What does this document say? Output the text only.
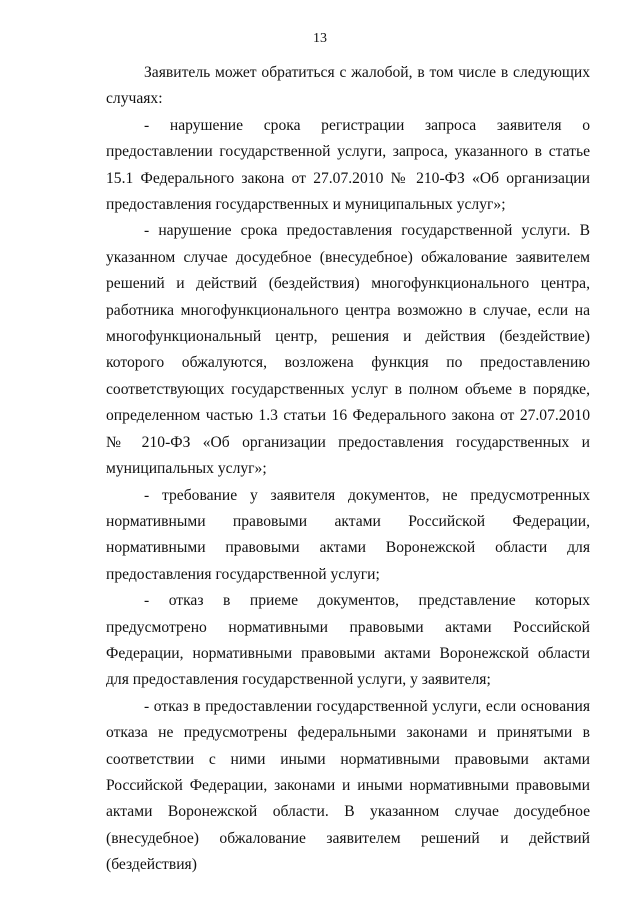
13

Заявитель может обратиться с жалобой, в том числе в следующих случаях:

- нарушение срока регистрации запроса заявителя о предоставлении государственной услуги, запроса, указанного в статье 15.1 Федерального закона от 27.07.2010 № 210-ФЗ «Об организации предоставления государственных и муниципальных услуг»;

- нарушение срока предоставления государственной услуги. В указанном случае досудебное (внесудебное) обжалование заявителем решений и действий (бездействия) многофункционального центра, работника многофункционального центра возможно в случае, если на многофункциональный центр, решения и действия (бездействие) которого обжалуются, возложена функция по предоставлению соответствующих государственных услуг в полном объеме в порядке, определенном частью 1.3 статьи 16 Федерального закона от 27.07.2010 № 210-ФЗ «Об организации предоставления государственных и муниципальных услуг»;

- требование у заявителя документов, не предусмотренных нормативными правовыми актами Российской Федерации, нормативными правовыми актами Воронежской области для предоставления государственной услуги;

- отказ в приеме документов, представление которых предусмотрено нормативными правовыми актами Российской Федерации, нормативными правовыми актами Воронежской области для предоставления государственной услуги, у заявителя;

- отказ в предоставлении государственной услуги, если основания отказа не предусмотрены федеральными законами и принятыми в соответствии с ними иными нормативными правовыми актами Российской Федерации, законами и иными нормативными правовыми актами Воронежской области. В указанном случае досудебное (внесудебное) обжалование заявителем решений и действий (бездействия)
